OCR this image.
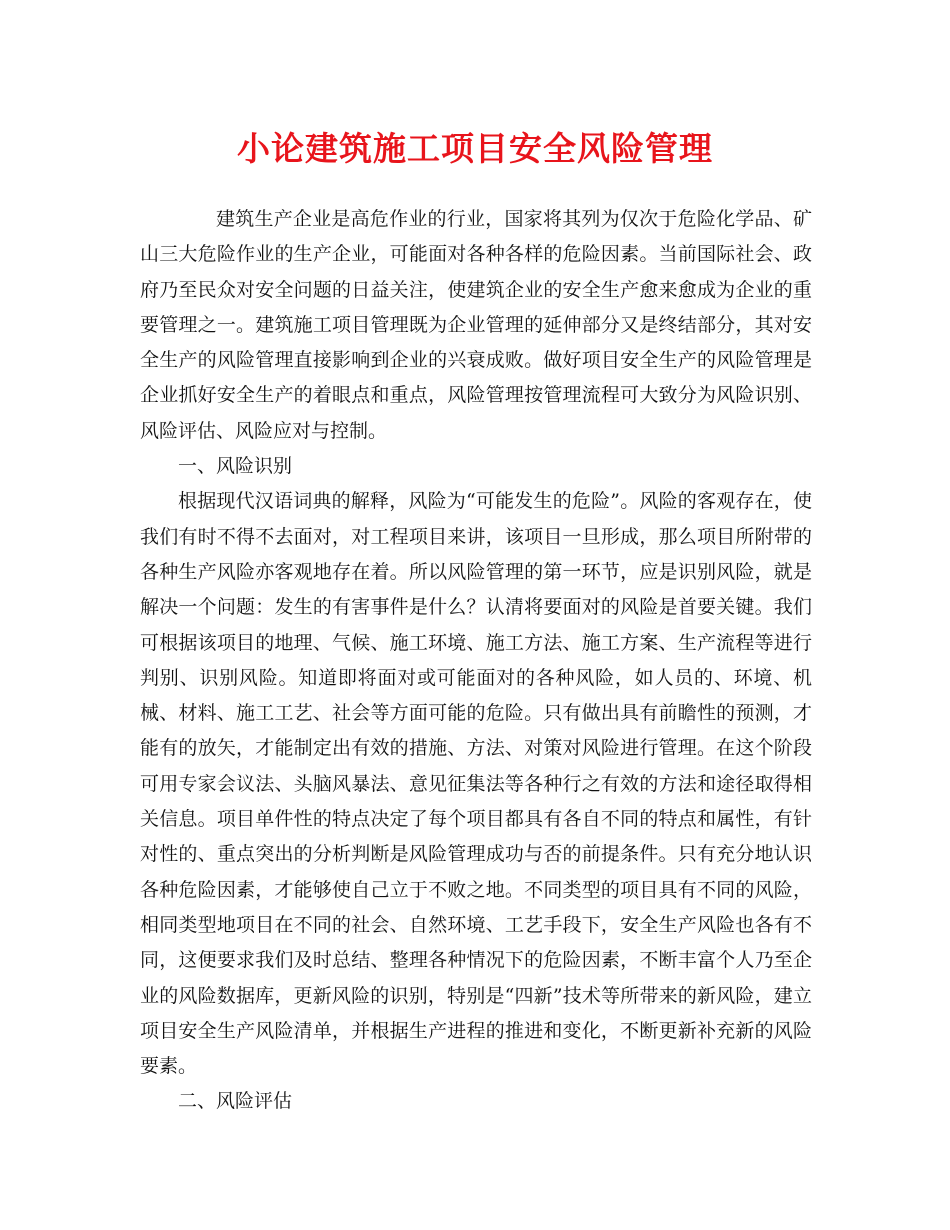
小论建筑施工项目安全风险管理

建筑生产企业是高危作业的行业，国家将其列为仅次于危险化学品、矿山三大危险作业的生产企业，可能面对各种各样的危险因素。当前国际社会、政府乃至民众对安全问题的日益关注，使建筑企业的安全生产愈来愈成为企业的重要管理之一。建筑施工项目管理既为企业管理的延伸部分又是终结部分，其对安全生产的风险管理直接影响到企业的兴衰成败。做好项目安全生产的风险管理是企业抓好安全生产的着眼点和重点，风险管理按管理流程可大致分为风险识别、风险评估、风险应对与控制。

一、风险识别

根据现代汉语词典的解释，风险为“可能发生的危险”。风险的客观存在，使我们有时不得不去面对，对工程项目来讲，该项目一旦形成，那么项目所附带的各种生产风险亦客观地存在着。所以风险管理的第一环节，应是识别风险，就是解决一个问题：发生的有害事件是什么？认清将要面对的风险是首要关键。我们可根据该项目的地理、气候、施工环境、施工方法、施工方案、生产流程等进行判别、识别风险。知道即将面对或可能面对的各种风险，如人员的、环境、机械、材料、施工工艺、社会等方面可能的危险。只有做出具有前瞻性的预测，才能有的放矢，才能制定出有效的措施、方法、对策对风险进行管理。在这个阶段可用专家会议法、头脑风暴法、意见征集法等各种行之有效的方法和途径取得相关信息。项目单件性的特点决定了每个项目都具有各自不同的特点和属性，有针对性的、重点突出的分析判断是风险管理成功与否的前提条件。只有充分地认识各种危险因素，才能够使自己立于不败之地。不同类型的项目具有不同的风险，相同类型地项目在不同的社会、自然环境、工艺手段下，安全生产风险也各有不同，这便要求我们及时总结、整理各种情况下的危险因素，不断丰富个人乃至企业的风险数据库，更新风险的识别，特别是“四新”技术等所带来的新风险，建立项目安全生产风险清单，并根据生产进程的推进和变化，不断更新补充新的风险要素。

二、风险评估
